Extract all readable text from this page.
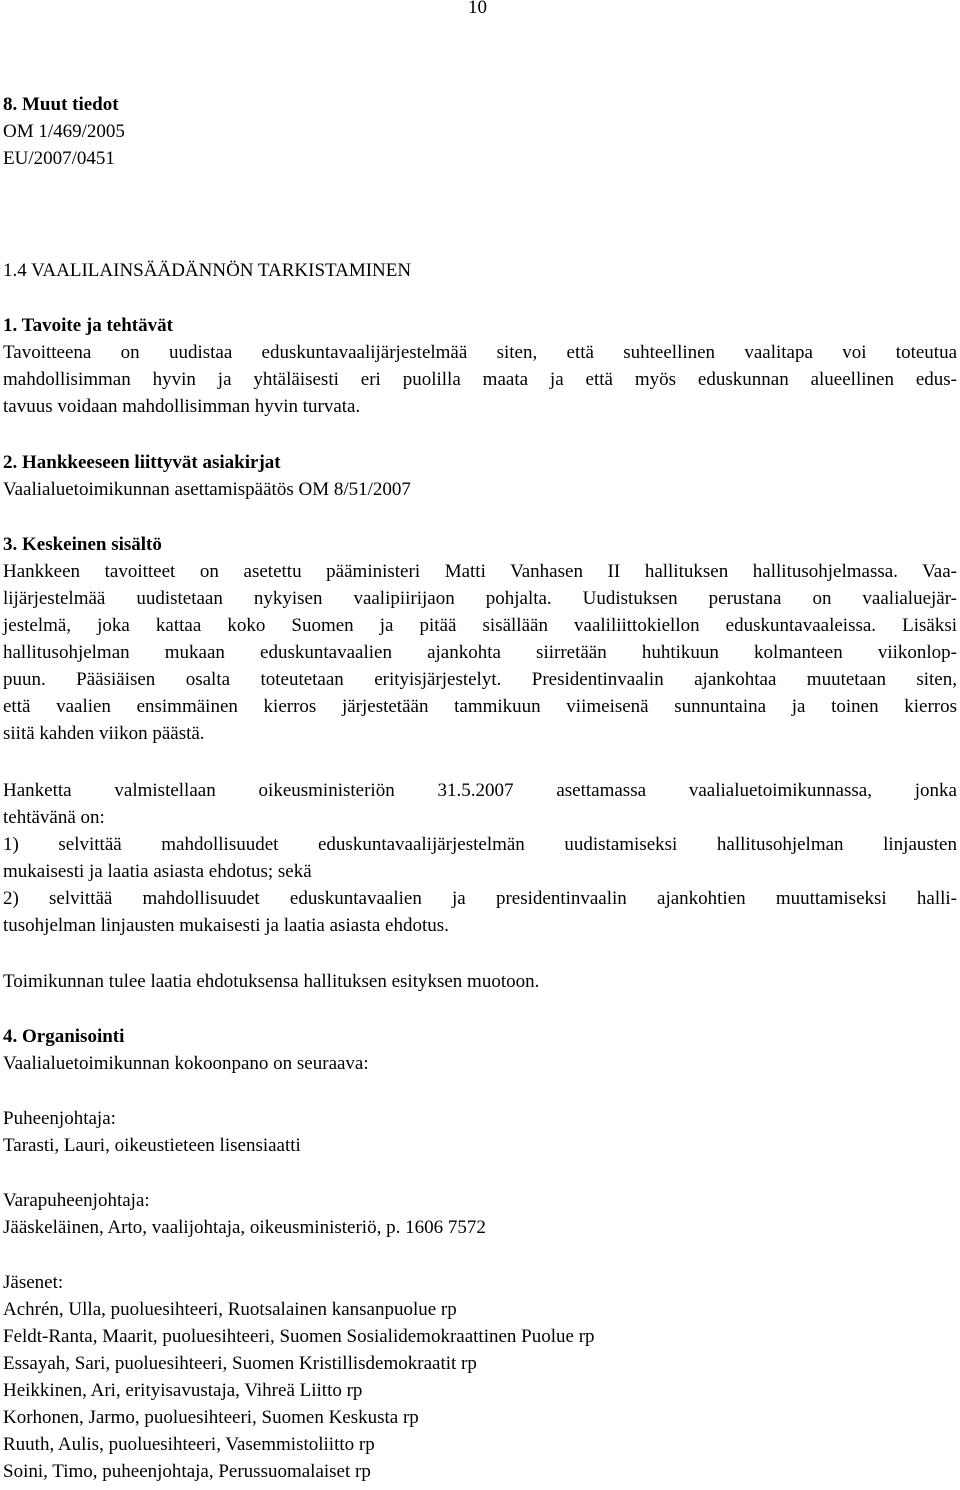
10
8. Muut tiedot
OM 1/469/2005
EU/2007/0451
1.4 VAALILAINSÄÄDÄNNÖN TARKISTAMINEN
1. Tavoite ja tehtävät
Tavoitteena on uudistaa eduskuntavaalijärjestelmää siten, että suhteellinen vaalitapa voi toteutua
mahdollisimman hyvin ja yhtäläisesti eri puolilla maata ja että myös eduskunnan alueellinen edus-
tavuus voidaan mahdollisimman hyvin turvata.
2. Hankkeeseen liittyvät asiakirjat
Vaalialuetoimikunnan asettamispäätös OM 8/51/2007
3. Keskeinen sisältö
Hankkeen tavoitteet on asetettu pääministeri Matti Vanhasen II hallituksen hallitusohjelmassa. Vaa-
lijärjestelmää uudistetaan nykyisen vaalipiirijaon pohjalta. Uudistuksen perustana on vaalialuejär-
jestelmä, joka kattaa koko Suomen ja pitää sisällään vaaliliittokiellon eduskuntavaaleissa. Lisäksi
hallitusohjelman mukaan eduskuntavaalien ajankohta siirretään huhtikuun kolmanteen viikonlop-
puun. Pääsiäisen osalta toteutetaan erityisjärjestelyt. Presidentinvaalin ajankohtaa muutetaan siten,
että vaalien ensimmäinen kierros järjestetään tammikuun viimeisenä sunnuntaina ja toinen kierros
siitä kahden viikon päästä.
Hanketta valmistellaan oikeusministeriön 31.5.2007 asettamassa vaalialuetoimikunnassa, jonka
tehtävänä on:
1) selvittää mahdollisuudet eduskuntavaalijärjestelmän uudistamiseksi hallitusohjelman linjausten
mukaisesti ja laatia asiasta ehdotus; sekä
2) selvittää mahdollisuudet eduskuntavaalien ja presidentinvaalin ajankohtien muuttamiseksi halli-
tusohjelman linjausten mukaisesti ja laatia asiasta ehdotus.
Toimikunnan tulee laatia ehdotuksensa hallituksen esityksen muotoon.
4. Organisointi
Vaalialuetoimikunnan kokoonpano on seuraava:
Puheenjohtaja:
Tarasti, Lauri, oikeustieteen lisensiaatti
Varapuheenjohtaja:
Jääskeläinen, Arto, vaalijohtaja, oikeusministeriö, p. 1606 7572
Jäsenet:
Achrén, Ulla, puoluesihteeri, Ruotsalainen kansanpuolue rp
Feldt-Ranta, Maarit, puoluesihteeri, Suomen Sosialidemokraattinen Puolue rp
Essayah, Sari, puoluesihteeri, Suomen Kristillisdemokraatit rp
Heikkinen, Ari, erityisavustaja, Vihreä Liitto rp
Korhonen, Jarmo, puoluesihteeri, Suomen Keskusta rp
Ruuth, Aulis, puoluesihteeri, Vasemmistoliitto rp
Soini, Timo, puheenjohtaja, Perussuomalaiset rp
